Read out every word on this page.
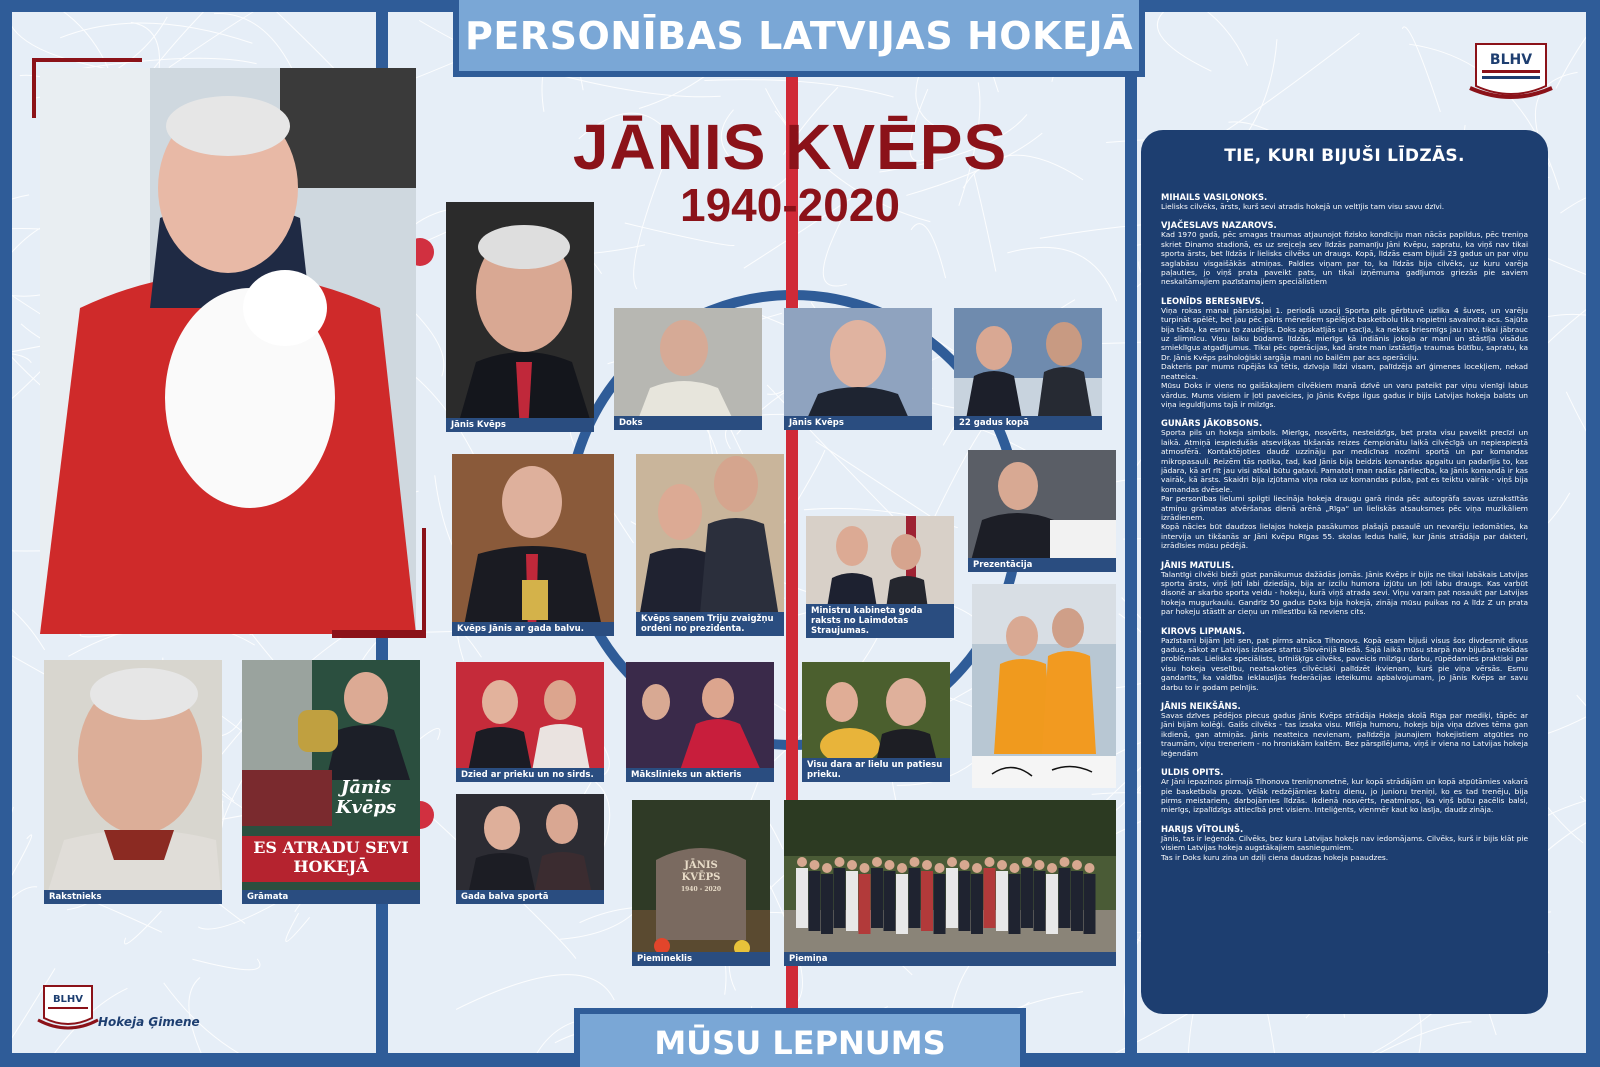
PERSONĪBAS LATVIJAS HOKEJĀ
JĀNIS KVĒPS
1940-2020
BLHV
Jānis Kvēps	Doks	Jānis Kvēps	22 gadus kopā
Kvēps Jānis ar gada balvu.
Kvēps saņem Triju zvaigžņu ordeni no prezidenta.
Ministru kabineta goda raksts no Laimdotas Straujumas.
Prezentācija
Dzied ar prieku un no sirds.	Mākslinieks un aktieris
Visu dara ar lielu un patiesu prieku.
Rakstnieks
Jānis
Kvēps
ES ATRADU SEVI
HOKEJĀ
Grāmata	Gada balva sportā
JĀNIS
KVĒPS
1940 - 2020
Piemineklis	Piemiņa
TIE, KURI BIJUŠI LĪDZĀS.
MIHAILS VASIĻONOKS.
Lielisks cilvēks, ārsts, kurš sevi atradis hokejā un veltījis tam visu savu dzīvi.
VJAČESLAVS NAZAROVS.
Kad 1970 gadā, pēc smagas traumas atjaunojot fizisko kondīciju man nācās papildus, pēc treniņa skriet Dinamo stadionā, es uz sreįceļa sev līdzās pamanīju Jāni Kvēpu, sapratu, ka viņš nav tikai sporta ārsts, bet līdzās ir lielisks cilvēks un draugs. Kopā, līdzās esam bijuši 23 gadus un par viņu saglabāsu visgaišākās atmiņas. Paldies viņam par to, ka līdzās bija cilvēks, uz kuru varēja paļauties, jo viņš prata paveikt pats, un tikai izņēmuma gadījumos griezās pie saviem neskaitāmajiem pazīstamajiem speciālistiem
LEONĪDS BERESNEVS.
Viņa rokas manai pārsistajai 1. periodā uzacij Sporta pils gērbtuvē uzlika 4 šuves, un varēju turpināt spēlēt, bet jau pēc pāris mēnešiem spēlējot basketbolu tika nopietni savainota acs. Sajūta bija tāda, ka esmu to zaudējis. Doks apskatījās un sacīja, ka nekas briesmīgs jau nav, tikai jābrauc uz slimnīcu. Visu laiku būdams līdzās, mierīgs kā indiānis jokoja ar mani un stāstīja visādus smieklīgus atgadījumus. Tikai pēc operācijas, kad ārste man izstāstīja traumas būtību, sapratu, ka Dr. Jānis Kvēps psiholoģiski sargāja mani no bailēm par acs operāciju.
Dakteris par mums rūpējās kā tētis, dzīvoja līdzi visam, palīdzēja arī ģimenes locekļiem, nekad neatteica.
Mūsu Doks ir viens no gaišākajiem cilvēkiem manā dzīvē un varu pateikt par viņu vienīgi labus vārdus. Mums visiem ir ļoti paveicies, jo Jānis Kvēps ilgus gadus ir bijis Latvijas hokeja balsts un viņa ieguldījums tajā ir milzīgs.
GUNĀRS JĀKOBSONS.
Sporta pils un hokeja simbols. Mierīgs, nosvērts, nesteidzīgs, bet prata visu paveikt precīzi un laikā. Atmiņā iespiedušās atsevišķas tikšanās reizes čempionātu laikā cilvēcīgā un nepiespiestā atmosfērā. Kontaktējoties daudz uzzināju par medicīnas nozīmi sportā un par komandas mikropasauli. Reizēm tās notika, tad, kad Jānis bija beidzis komandas apgaitu un padarījis to, kas jādara, kā arī rīt jau visi atkal būtu gatavi. Pamatoti man radās pārliecība, ka Jānis komandā ir kas vairāk, kā ārsts. Skaidri bija izjūtama viņa roka uz komandas pulsa, pat es teiktu vairāk - viņš bija komandas dvēsele.
Par personības lielumi spilgti liecināja hokeja draugu garā rinda pēc autogrāfa savas uzrakstītās atmiņu grāmatas atvēršanas dienā arēnā „Rīga“ un lieliskās atsauksmes pēc viņa muzikāliem izrādienem.
Kopā nācies būt daudzos lielajos hokeja pasākumos plašajā pasaulē un nevarēju iedomāties, ka intervija un tikšanās ar Jāni Kvēpu Rīgas 55. skolas ledus hallē, kur Jānis strādāja par dakteri, izrādīsies mūsu pēdējā.
JĀNIS MATULIS.
Talantīgi cilvēki bieži gūst panākumus dažādās jomās. Jānis Kvēps ir bijis ne tikai labākais Latvijas sporta ārsts, viņš ļoti labi dziedāja, bija ar izcilu humora izjūtu un ļoti labu draugs. Kas varbūt disonē ar skarbo sporta veidu - hokeju, kurā viņš atrada sevi. Viņu varam pat nosaukt par Latvijas hokeja mugurkaulu. Gandrīz 50 gadus Doks bija hokejā, zināja mūsu puikas no A līdz Z un prata par hokeju stāstīt ar cieņu un mīlestību kā neviens cits.
KIROVS LIPMANS.
Pazīstami bijām ļoti sen, pat pirms atnāca Tihonovs. Kopā esam bijuši visus šos divdesmit divus gadus, sākot ar Latvijas izlases startu Slovēnijā Bledā. Šajā laikā mūsu starpā nav bijušas nekādas problēmas. Lielisks speciālists, brīnišķīgs cilvēks, paveicis milzīgu darbu, rūpēdamies praktiski par visu hokeja veselību, neatsakoties cilvēciski palīdzēt ikvienam, kurš pie viņa vērsās. Esmu gandarīts, ka valdība ieklausījās federācijas ieteikumu apbalvojumam, jo Jānis Kvēps ar savu darbu to ir godam pelnījis.
JĀNIS NEIKŠĀNS.
Savas dzīves pēdējos piecus gadus Jānis Kvēps strādāja Hokeja skolā Rīga par mediķi, tāpēc ar Jāni bijām kolēģi. Gaišs cilvēks - tas izsaka visu. Mīlēja humoru, hokejs bija viņa dzīves tēma gan ikdienā, gan atmiņās. Jānis neatteica nevienam, palīdzēja jaunajiem hokejistiem atgūties no traumām, viņu treneriem - no hroniskām kaitēm. Bez pārspīlējuma, viņš ir viena no Latvijas hokeja leģendām
ULDIS OPITS.
Ar Jāni iepazinos pirmajā Tihonova treniņnometnē, kur kopā strādājām un kopā atpūtāmies vakarā pie basketbola grozа. Vēlāk redzējāmies katru dienu, jo junioru treniņi, ko es tad trenēju, bija pirms meistariem, darbojāmies līdzās. Ikdienā nosvērts, neatminos, ka viņš būtu pacēlis balsi, mierīgs, izpalīdzīgs attiecībā pret visiem. Inteliģents, vienmēr kaut ko lasīja, daudz zināja.
HARIJS VĪTOLIŅŠ.
Jānis, tas ir leģenda. Cilvēks, bez kura Latvijas hokejs nav iedomājams. Cilvēks, kurš ir bijis klāt pie visiem Latvijas hokeja augstākajiem sasniegumiem.
Tas ir Doks kuru zina un dziļi ciena daudzas hokeja paaudzes.
BLHV
Hokeja Ģimene
MŪSU LEPNUMS
